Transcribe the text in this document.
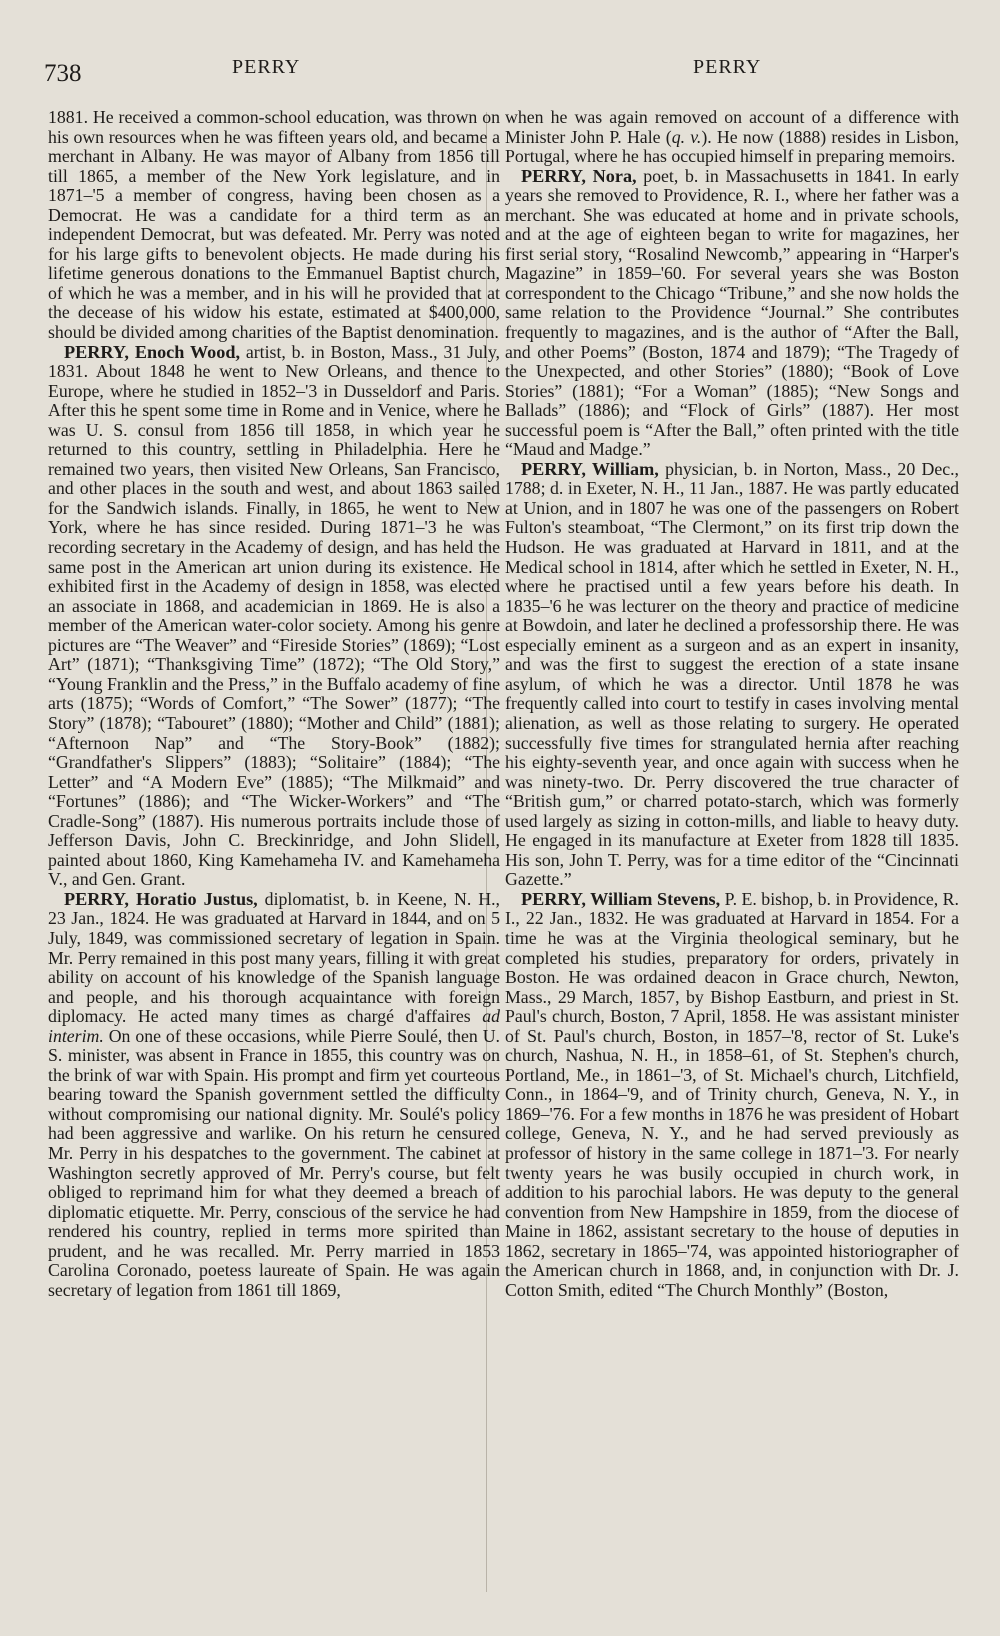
738	PERRY	PERRY

1881. He received a common-school education, was thrown on his own resources when he was fifteen years old, and became a merchant in Albany. He was mayor of Albany from 1856 till till 1865, a member of the New York legislature, and in 1871–'5 a member of congress, having been chosen as a Democrat. He was a candidate for a third term as an independent Democrat, but was defeated. Mr. Perry was noted for his large gifts to benevolent objects. He made during his lifetime generous donations to the Emmanuel Baptist church, of which he was a member, and in his will he provided that at the decease of his widow his estate, estimated at $400,000, should be divided among charities of the Baptist denomination.

PERRY, Enoch Wood, artist, b. in Boston, Mass., 31 July, 1831. About 1848 he went to New Orleans, and thence to Europe, where he studied in 1852–'3 in Dusseldorf and Paris. After this he spent some time in Rome and in Venice, where he was U. S. consul from 1856 till 1858, in which year he returned to this country, settling in Philadelphia. Here he remained two years, then visited New Orleans, San Francisco, and other places in the south and west, and about 1863 sailed for the Sandwich islands. Finally, in 1865, he went to New York, where he has since resided. During 1871–'3 he was recording secretary in the Academy of design, and has held the same post in the American art union during its existence. He exhibited first in the Academy of design in 1858, was elected an associate in 1868, and academician in 1869. He is also a member of the American water-color society. Among his genre pictures are “The Weaver” and “Fireside Stories” (1869); “Lost Art” (1871); “Thanksgiving Time” (1872); “The Old Story,” “Young Franklin and the Press,” in the Buffalo academy of fine arts (1875); “Words of Comfort,” “The Sower” (1877); “The Story” (1878); “Tabouret” (1880); “Mother and Child” (1881); “Afternoon Nap” and “The Story-Book” (1882); “Grandfather's Slippers” (1883); “Solitaire” (1884); “The Letter” and “A Modern Eve” (1885); “The Milkmaid” and “Fortunes” (1886); and “The Wicker-Workers” and “The Cradle-Song” (1887). His numerous portraits include those of Jefferson Davis, John C. Breckinridge, and John Slidell, painted about 1860, King Kamehameha IV. and Kamehameha V., and Gen. Grant.

PERRY, Horatio Justus, diplomatist, b. in Keene, N. H., 23 Jan., 1824. He was graduated at Harvard in 1844, and on 5 July, 1849, was commissioned secretary of legation in Spain. Mr. Perry remained in this post many years, filling it with great ability on account of his knowledge of the Spanish language and people, and his thorough acquaintance with foreign diplomacy. He acted many times as chargé d'affaires ad interim. On one of these occasions, while Pierre Soulé, then U. S. minister, was absent in France in 1855, this country was on the brink of war with Spain. His prompt and firm yet courteous bearing toward the Spanish government settled the difficulty without compromising our national dignity. Mr. Soulé's policy had been aggressive and warlike. On his return he censured Mr. Perry in his despatches to the government. The cabinet at Washington secretly approved of Mr. Perry's course, but felt obliged to reprimand him for what they deemed a breach of diplomatic etiquette. Mr. Perry, conscious of the service he had rendered his country, replied in terms more spirited than prudent, and he was recalled. Mr. Perry married in 1853 Carolina Coronado, poetess laureate of Spain. He was again secretary of legation from 1861 till 1869,

when he was again removed on account of a difference with Minister John P. Hale (q. v.). He now (1888) resides in Lisbon, Portugal, where he has occupied himself in preparing memoirs.

PERRY, Nora, poet, b. in Massachusetts in 1841. In early years she removed to Providence, R. I., where her father was a merchant. She was educated at home and in private schools, and at the age of eighteen began to write for magazines, her first serial story, “Rosalind Newcomb,” appearing in “Harper's Magazine” in 1859–'60. For several years she was Boston correspondent to the Chicago “Tribune,” and she now holds the same relation to the Providence “Journal.” She contributes frequently to magazines, and is the author of “After the Ball, and other Poems” (Boston, 1874 and 1879); “The Tragedy of the Unexpected, and other Stories” (1880); “Book of Love Stories” (1881); “For a Woman” (1885); “New Songs and Ballads” (1886); and “Flock of Girls” (1887). Her most successful poem is “After the Ball,” often printed with the title “Maud and Madge.”

PERRY, William, physician, b. in Norton, Mass., 20 Dec., 1788; d. in Exeter, N. H., 11 Jan., 1887. He was partly educated at Union, and in 1807 he was one of the passengers on Robert Fulton's steamboat, “The Clermont,” on its first trip down the Hudson. He was graduated at Harvard in 1811, and at the Medical school in 1814, after which he settled in Exeter, N. H., where he practised until a few years before his death. In 1835–'6 he was lecturer on the theory and practice of medicine at Bowdoin, and later he declined a professorship there. He was especially eminent as a surgeon and as an expert in insanity, and was the first to suggest the erection of a state insane asylum, of which he was a director. Until 1878 he was frequently called into court to testify in cases involving mental alienation, as well as those relating to surgery. He operated successfully five times for strangulated hernia after reaching his eighty-seventh year, and once again with success when he was ninety-two. Dr. Perry discovered the true character of “British gum,” or charred potato-starch, which was formerly used largely as sizing in cotton-mills, and liable to heavy duty. He engaged in its manufacture at Exeter from 1828 till 1835. His son, John T. Perry, was for a time editor of the “Cincinnati Gazette.”

PERRY, William Stevens, P. E. bishop, b. in Providence, R. I., 22 Jan., 1832. He was graduated at Harvard in 1854. For a time he was at the Virginia theological seminary, but he completed his studies, preparatory for orders, privately in Boston. He was ordained deacon in Grace church, Newton, Mass., 29 March, 1857, by Bishop Eastburn, and priest in St. Paul's church, Boston, 7 April, 1858. He was assistant minister of St. Paul's church, Boston, in 1857–'8, rector of St. Luke's church, Nashua, N. H., in 1858–61, of St. Stephen's church, Portland, Me., in 1861–'3, of St. Michael's church, Litchfield, Conn., in 1864–'9, and of Trinity church, Geneva, N. Y., in 1869–'76. For a few months in 1876 he was president of Hobart college, Geneva, N. Y., and he had served previously as professor of history in the same college in 1871–'3. For nearly twenty years he was busily occupied in church work, in addition to his parochial labors. He was deputy to the general convention from New Hampshire in 1859, from the diocese of Maine in 1862, assistant secretary to the house of deputies in 1862, secretary in 1865–'74, was appointed historiographer of the American church in 1868, and, in conjunction with Dr. J. Cotton Smith, edited “The Church Monthly” (Boston,
